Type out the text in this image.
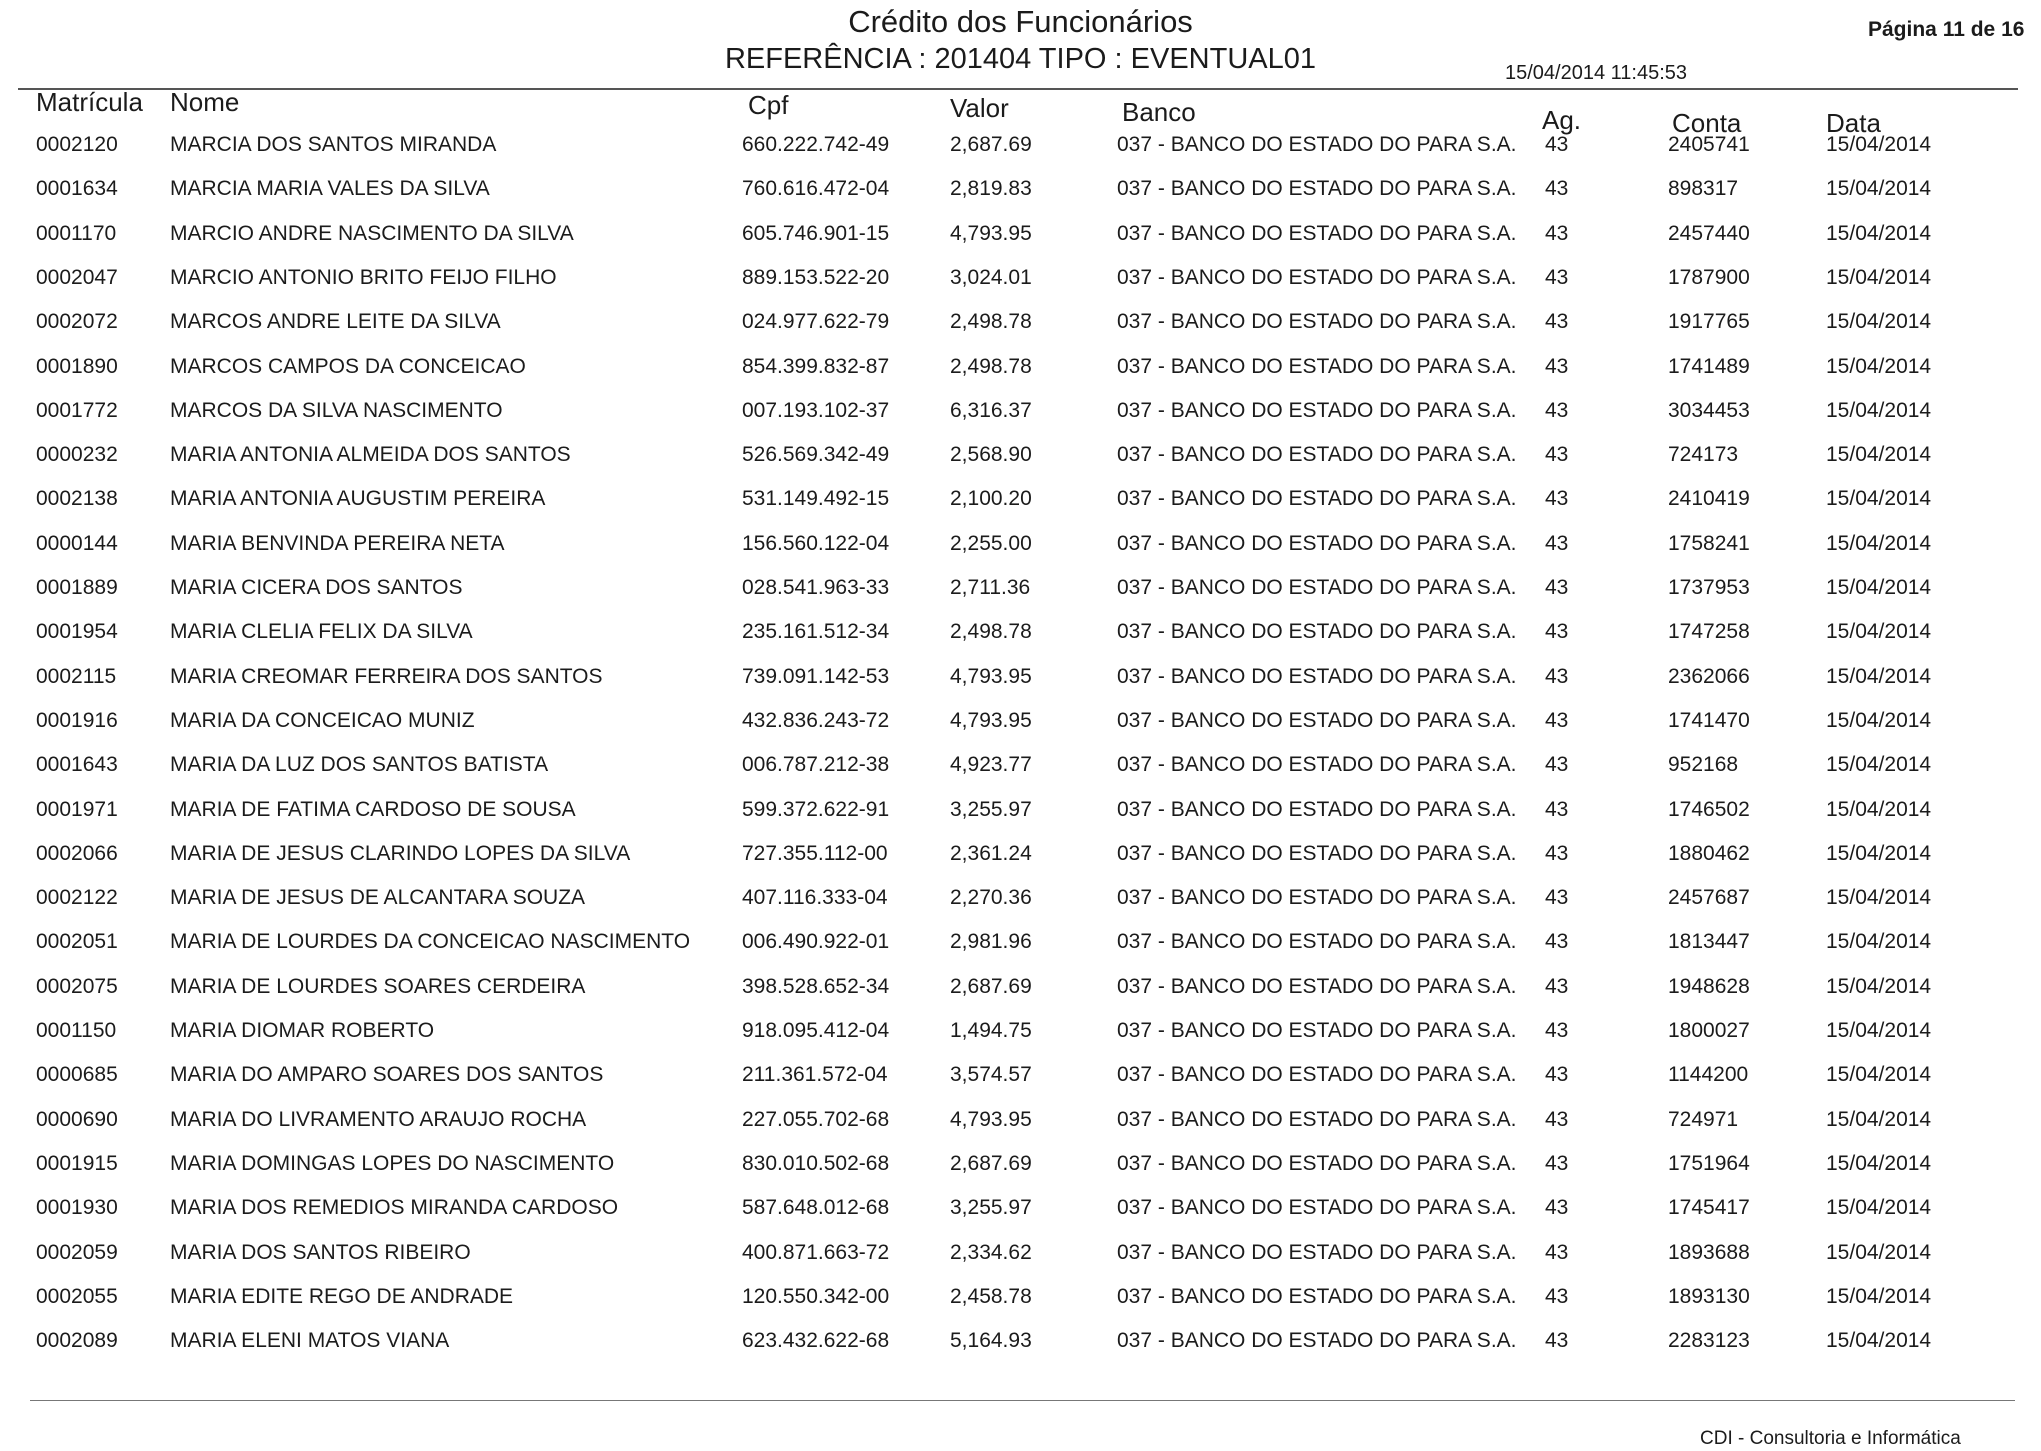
Crédito dos Funcionários
REFERÊNCIA : 201404 TIPO : EVENTUAL01
Página 11 de 16
15/04/2014 11:45:53
Matrícula Nome	Cpf	Valor	Banco	Ag.	Conta	Data
0002120 MARCIA DOS SANTOS MIRANDA	660.222.742-49	2,687.69	037 - BANCO DO ESTADO DO PARA S.A. 43	2405741	15/04/2014
0001634 MARCIA MARIA VALES DA SILVA	760.616.472-04	2,819.83	037 - BANCO DO ESTADO DO PARA S.A. 43	898317	15/04/2014
0001170	MARCIO ANDRE NASCIMENTO DA SILVA	605.746.901-15	4,793.95	037 - BANCO DO ESTADO DO PARA S.A. 43	2457440	15/04/2014
0002047 MARCIO ANTONIO BRITO FEIJO FILHO	889.153.522-20	3,024.01	037 - BANCO DO ESTADO DO PARA S.A. 43	1787900	15/04/2014
0002072 MARCOS ANDRE LEITE DA SILVA	024.977.622-79	2,498.78	037 - BANCO DO ESTADO DO PARA S.A. 43	1917765	15/04/2014
0001890 MARCOS CAMPOS DA CONCEICAO	854.399.832-87	2,498.78	037 - BANCO DO ESTADO DO PARA S.A. 43	1741489	15/04/2014
0001772 MARCOS DA SILVA NASCIMENTO	007.193.102-37	6,316.37	037 - BANCO DO ESTADO DO PARA S.A. 43	3034453	15/04/2014
0000232 MARIA ANTONIA ALMEIDA DOS SANTOS	526.569.342-49	2,568.90	037 - BANCO DO ESTADO DO PARA S.A. 43	724173	15/04/2014
0002138 MARIA ANTONIA AUGUSTIM PEREIRA	531.149.492-15	2,100.20	037 - BANCO DO ESTADO DO PARA S.A. 43	2410419	15/04/2014
0000144 MARIA BENVINDA PEREIRA NETA	156.560.122-04	2,255.00	037 - BANCO DO ESTADO DO PARA S.A. 43	1758241	15/04/2014
0001889 MARIA CICERA DOS SANTOS	028.541.963-33	2,711.36	037 - BANCO DO ESTADO DO PARA S.A. 43	1737953	15/04/2014
0001954 MARIA CLELIA FELIX DA SILVA	235.161.512-34	2,498.78	037 - BANCO DO ESTADO DO PARA S.A. 43	1747258	15/04/2014
0002115	MARIA CREOMAR FERREIRA DOS SANTOS	739.091.142-53	4,793.95	037 - BANCO DO ESTADO DO PARA S.A. 43	2362066	15/04/2014
0001916 MARIA DA CONCEICAO MUNIZ	432.836.243-72	4,793.95	037 - BANCO DO ESTADO DO PARA S.A. 43	1741470	15/04/2014
0001643 MARIA DA LUZ DOS SANTOS BATISTA	006.787.212-38	4,923.77	037 - BANCO DO ESTADO DO PARA S.A. 43	952168	15/04/2014
0001971 MARIA DE FATIMA CARDOSO DE SOUSA	599.372.622-91	3,255.97	037 - BANCO DO ESTADO DO PARA S.A. 43	1746502	15/04/2014
0002066 MARIA DE JESUS CLARINDO LOPES DA SILVA	727.355.112-00	2,361.24	037 - BANCO DO ESTADO DO PARA S.A. 43	1880462	15/04/2014
0002122 MARIA DE JESUS DE ALCANTARA SOUZA	407.116.333-04	2,270.36	037 - BANCO DO ESTADO DO PARA S.A. 43	2457687	15/04/2014
0002051 MARIA DE LOURDES DA CONCEICAO NASCIMENTO 006.490.922-01	2,981.96	037 - BANCO DO ESTADO DO PARA S.A. 43	1813447	15/04/2014
0002075 MARIA DE LOURDES SOARES CERDEIRA	398.528.652-34	2,687.69	037 - BANCO DO ESTADO DO PARA S.A. 43	1948628	15/04/2014
0001150	MARIA DIOMAR ROBERTO	918.095.412-04	1,494.75	037 - BANCO DO ESTADO DO PARA S.A. 43	1800027	15/04/2014
0000685 MARIA DO AMPARO SOARES DOS SANTOS	211.361.572-04	3,574.57	037 - BANCO DO ESTADO DO PARA S.A. 43	1144200	15/04/2014
0000690 MARIA DO LIVRAMENTO ARAUJO ROCHA	227.055.702-68	4,793.95	037 - BANCO DO ESTADO DO PARA S.A. 43	724971	15/04/2014
0001915 MARIA DOMINGAS LOPES DO NASCIMENTO	830.010.502-68	2,687.69	037 - BANCO DO ESTADO DO PARA S.A. 43	1751964	15/04/2014
0001930 MARIA DOS REMEDIOS MIRANDA CARDOSO	587.648.012-68	3,255.97	037 - BANCO DO ESTADO DO PARA S.A. 43	1745417	15/04/2014
0002059 MARIA DOS SANTOS RIBEIRO	400.871.663-72	2,334.62	037 - BANCO DO ESTADO DO PARA S.A. 43	1893688	15/04/2014
0002055 MARIA EDITE REGO DE ANDRADE	120.550.342-00	2,458.78	037 - BANCO DO ESTADO DO PARA S.A. 43	1893130	15/04/2014
0002089 MARIA ELENI MATOS VIANA	623.432.622-68	5,164.93	037 - BANCO DO ESTADO DO PARA S.A. 43	2283123	15/04/2014
CDI - Consultoria e Informática
